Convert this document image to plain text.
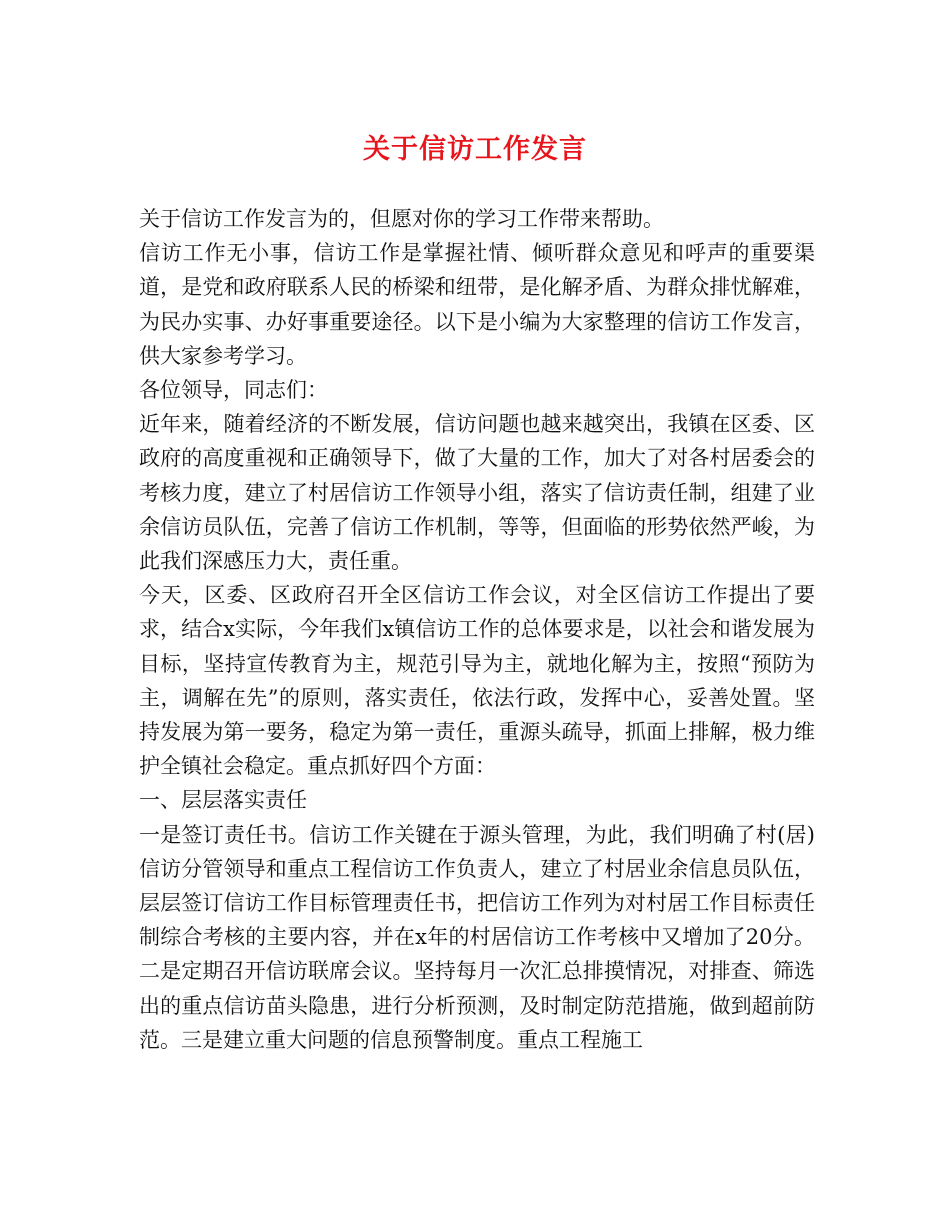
关于信访工作发言

关于信访工作发言为的，但愿对你的学习工作带来帮助。

信访工作无小事，信访工作是掌握社情、倾听群众意见和呼声的重要渠道，是党和政府联系人民的桥梁和纽带，是化解矛盾、为群众排忧解难，为民办实事、办好事重要途径。以下是小编为大家整理的信访工作发言，供大家参考学习。

各位领导，同志们：

近年来，随着经济的不断发展，信访问题也越来越突出，我镇在区委、区政府的高度重视和正确领导下，做了大量的工作，加大了对各村居委会的考核力度，建立了村居信访工作领导小组，落实了信访责任制，组建了业余信访员队伍，完善了信访工作机制，等等，但面临的形势依然严峻，为此我们深感压力大，责任重。

今天，区委、区政府召开全区信访工作会议，对全区信访工作提出了要求，结合x实际，今年我们x镇信访工作的总体要求是，以社会和谐发展为目标，坚持宣传教育为主，规范引导为主，就地化解为主，按照“预防为主，调解在先”的原则，落实责任，依法行政，发挥中心，妥善处置。坚持发展为第一要务，稳定为第一责任，重源头疏导，抓面上排解，极力维护全镇社会稳定。重点抓好四个方面：

一、层层落实责任

一是签订责任书。信访工作关键在于源头管理，为此，我们明确了村(居)信访分管领导和重点工程信访工作负责人，建立了村居业余信息员队伍，层层签订信访工作目标管理责任书，把信访工作列为对村居工作目标责任制综合考核的主要内容，并在x年的村居信访工作考核中又增加了20分。二是定期召开信访联席会议。坚持每月一次汇总排摸情况，对排查、筛选出的重点信访苗头隐患，进行分析预测，及时制定防范措施，做到超前防范。三是建立重大问题的信息预警制度。重点工程施工
